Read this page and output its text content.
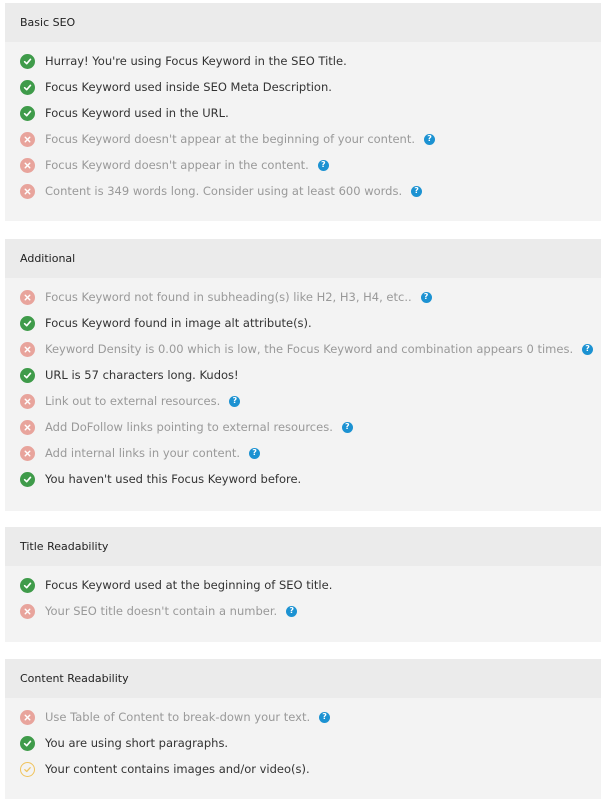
Basic SEO
Hurray! You're using Focus Keyword in the SEO Title.
Focus Keyword used inside SEO Meta Description.
Focus Keyword used in the URL.
Focus Keyword doesn't appear at the beginning of your content.	?
Focus Keyword doesn't appear in the content.	?
Content is 349 words long. Consider using at least 600 words.	?
Additional
Focus Keyword not found in subheading(s) like H2, H3, H4, etc..	?
Focus Keyword found in image alt attribute(s).
Keyword Density is 0.00 which is low, the Focus Keyword and combination appears 0 times.	?
URL is 57 characters long. Kudos!
Link out to external resources.	?
Add DoFollow links pointing to external resources.	?
Add internal links in your content.	?
You haven't used this Focus Keyword before.
Title Readability
Focus Keyword used at the beginning of SEO title.
Your SEO title doesn't contain a number.	?
Content Readability
Use Table of Content to break-down your text.	?
You are using short paragraphs.
Your content contains images and/or video(s).
